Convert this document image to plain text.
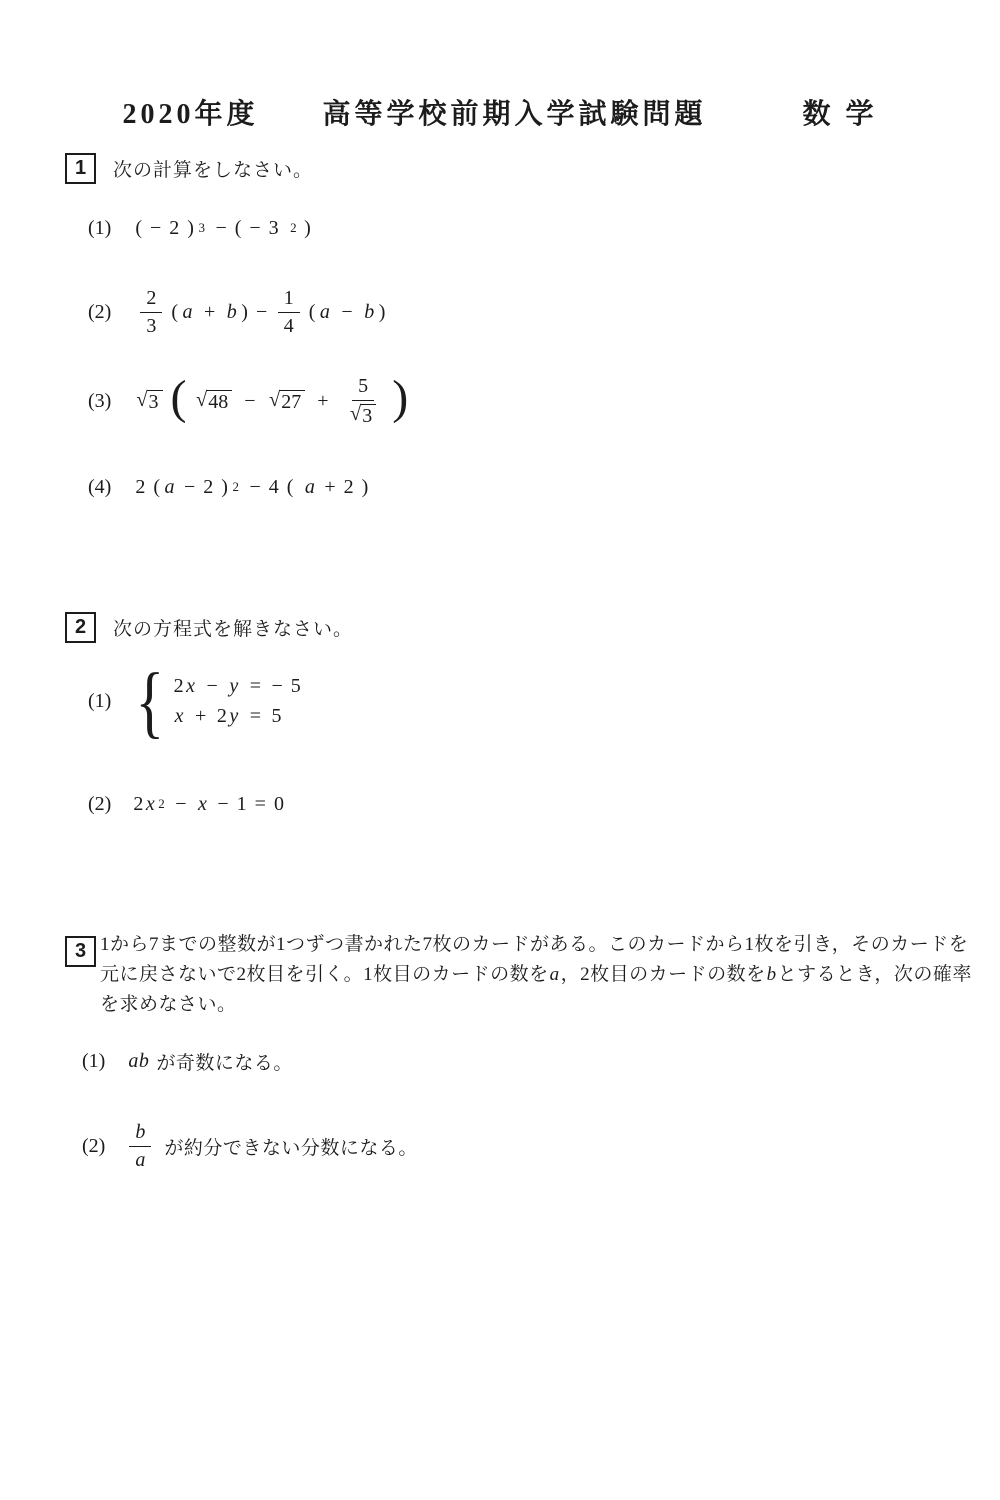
2020年度　　高等学校前期入学試験問題　　　数 学
1	次の計算をしなさい。
(1) ( − 2 ) 3 − ( − 3 2 )
$(2) \frac{2}{3}$ ( a + b ) − $\frac{1}{4}$ ( a − b )
(3) √ 3 ( √ 48 − √ $27 + \frac{5}{√ 3}$ )
(4) 2 ( a − 2 ) 2 − 4 ( a + 2 )
2	次の方程式を解きなさい。
(1) { 2 x − y = − 5
x + 2 y = 5
(2) 2 x 2 − x − 1 = 0
3 1から7までの整数が1つずつ書かれた7枚のカードがある。このカードから1枚を引き，そのカードを
元に戻さないで2枚目を引く。1枚目のカードの数をa，2枚目のカードの数をbとするとき，次の確率
を求めなさい。
(1) ab が奇数になる。
$(2) \frac{b}{a}$ が約分できない分数になる。
